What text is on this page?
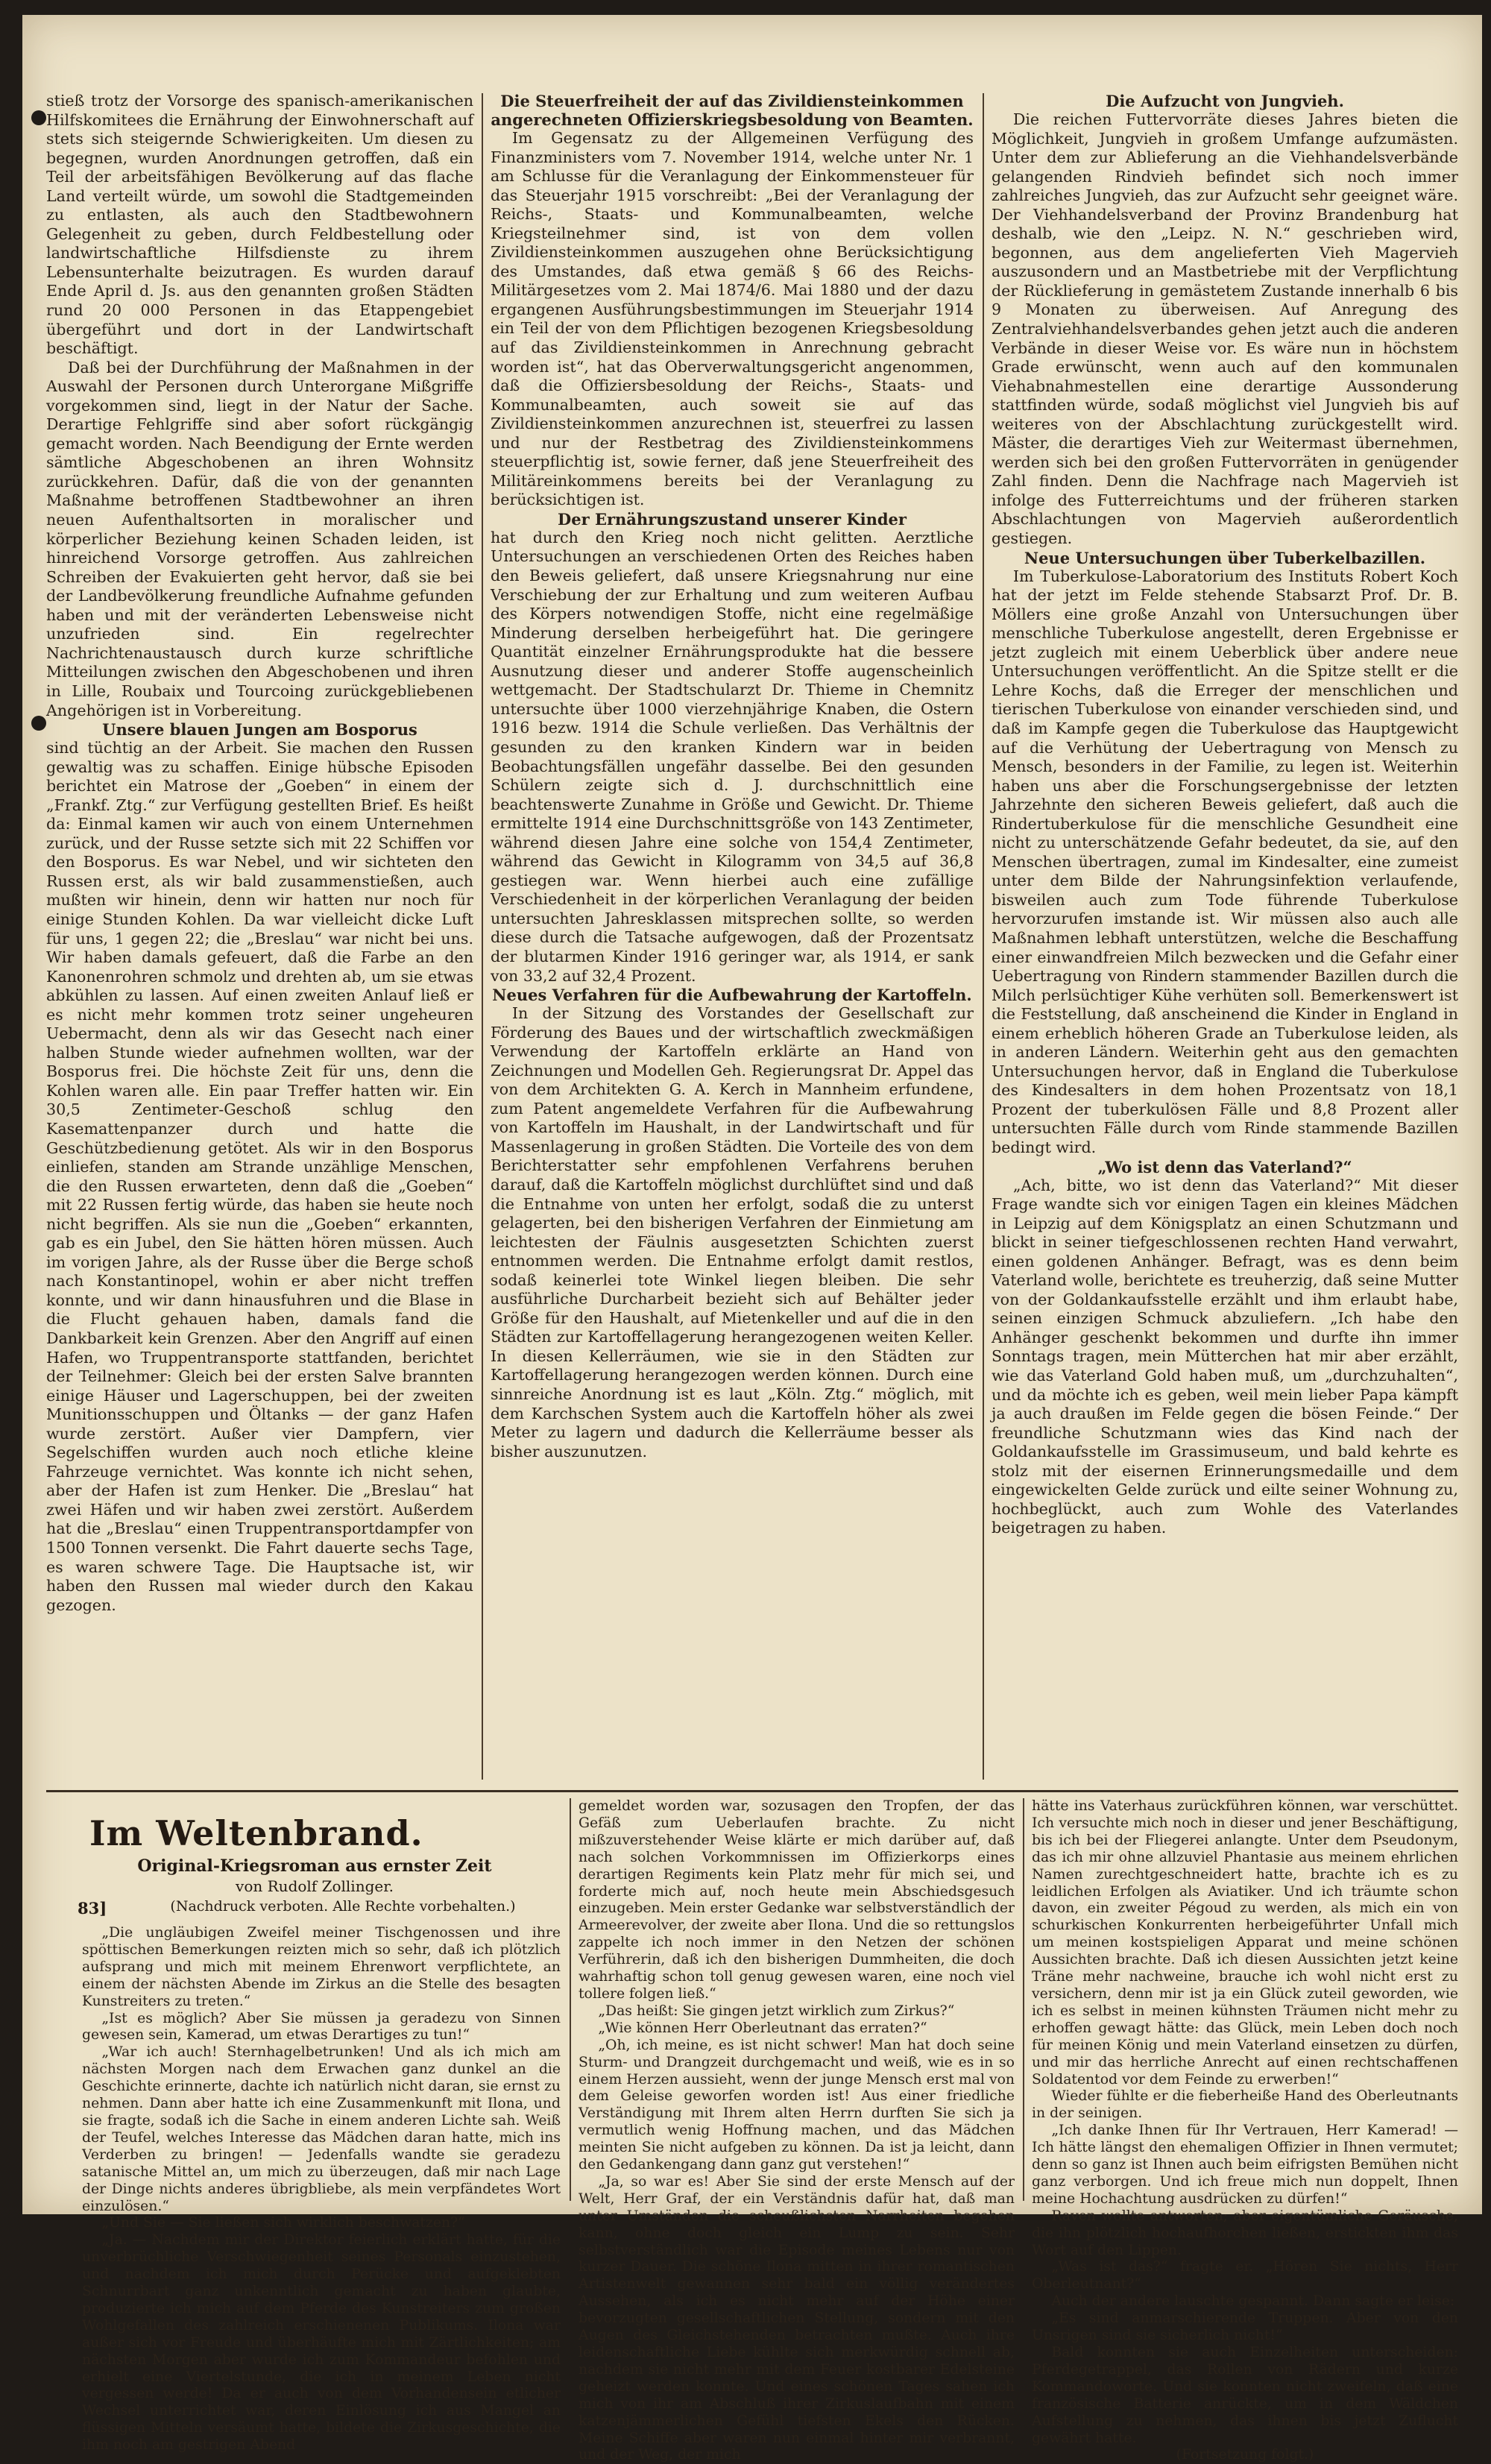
stieß trotz der Vorsorge des spanisch-amerikanischen Hilfskomitees die Ernährung der Einwohnerschaft auf stets sich steigernde Schwierigkeiten. Um diesen zu begegnen, wurden Anordnungen getroffen, daß ein Teil der arbeitsfähigen Bevölkerung auf das flache Land verteilt würde, um sowohl die Stadtgemeinden zu entlasten, als auch den Stadtbewohnern Gelegenheit zu geben, durch Feldbestellung oder landwirtschaftliche Hilfsdienste zu ihrem Lebensunterhalte beizutragen. Es wurden darauf Ende April d. Js. aus den genannten großen Städten rund 20 000 Personen in das Etappengebiet übergeführt und dort in der Landwirtschaft beschäftigt.

Daß bei der Durchführung der Maßnahmen in der Auswahl der Personen durch Unterorgane Mißgriffe vorgekommen sind, liegt in der Natur der Sache. Derartige Fehlgriffe sind aber sofort rückgängig gemacht worden. Nach Beendigung der Ernte werden sämtliche Abgeschobenen an ihren Wohnsitz zurückkehren. Dafür, daß die von der genannten Maßnahme betroffenen Stadtbewohner an ihren neuen Aufenthaltsorten in moralischer und körperlicher Beziehung keinen Schaden leiden, ist hinreichend Vorsorge getroffen. Aus zahlreichen Schreiben der Evakuierten geht hervor, daß sie bei der Landbevölkerung freundliche Aufnahme gefunden haben und mit der veränderten Lebensweise nicht unzufrieden sind. Ein regelrechter Nachrichtenaustausch durch kurze schriftliche Mitteilungen zwischen den Abgeschobenen und ihren in Lille, Roubaix und Tourcoing zurückgebliebenen Angehörigen ist in Vorbereitung.

Unsere blauen Jungen am Bosporus

sind tüchtig an der Arbeit. Sie machen den Russen gewaltig was zu schaffen. Einige hübsche Episoden berichtet ein Matrose der „Goeben“ in einem der „Frankf. Ztg.“ zur Verfügung gestellten Brief. Es heißt da: Einmal kamen wir auch von einem Unternehmen zurück, und der Russe setzte sich mit 22 Schiffen vor den Bosporus. Es war Nebel, und wir sichteten den Russen erst, als wir bald zusammenstießen, auch mußten wir hinein, denn wir hatten nur noch für einige Stunden Kohlen. Da war vielleicht dicke Luft für uns, 1 gegen 22; die „Breslau“ war nicht bei uns. Wir haben damals gefeuert, daß die Farbe an den Kanonenrohren schmolz und drehten ab, um sie etwas abkühlen zu lassen. Auf einen zweiten Anlauf ließ er es nicht mehr kommen trotz seiner ungeheuren Uebermacht, denn als wir das Gesecht nach einer halben Stunde wieder aufnehmen wollten, war der Bosporus frei. Die höchste Zeit für uns, denn die Kohlen waren alle. Ein paar Treffer hatten wir. Ein 30,5 Zentimeter-Geschoß schlug den Kasemattenpanzer durch und hatte die Geschützbedienung getötet. Als wir in den Bosporus einliefen, standen am Strande unzählige Menschen, die den Russen erwarteten, denn daß die „Goeben“ mit 22 Russen fertig würde, das haben sie heute noch nicht begriffen. Als sie nun die „Goeben“ erkannten, gab es ein Jubel, den Sie hätten hören müssen. Auch im vorigen Jahre, als der Russe über die Berge schoß nach Konstantinopel, wohin er aber nicht treffen konnte, und wir dann hinausfuhren und die Blase in die Flucht gehauen haben, damals fand die Dankbarkeit kein Grenzen. Aber den Angriff auf einen Hafen, wo Truppentransporte stattfanden, berichtet der Teilnehmer: Gleich bei der ersten Salve brannten einige Häuser und Lagerschuppen, bei der zweiten Munitionsschuppen und Öltanks — der ganz Hafen wurde zerstört. Außer vier Dampfern, vier Segelschiffen wurden auch noch etliche kleine Fahrzeuge vernichtet. Was konnte ich nicht sehen, aber der Hafen ist zum Henker. Die „Breslau“ hat zwei Häfen und wir haben zwei zerstört. Außerdem hat die „Breslau“ einen Truppentransportdampfer von 1500 Tonnen versenkt. Die Fahrt dauerte sechs Tage, es waren schwere Tage. Die Hauptsache ist, wir haben den Russen mal wieder durch den Kakau gezogen.

Die Steuerfreiheit der auf das Zivildiensteinkommen angerechneten Offizierskriegsbesoldung von Beamten.

Im Gegensatz zu der Allgemeinen Verfügung des Finanzministers vom 7. November 1914, welche unter Nr. 1 am Schlusse für die Veranlagung der Einkommensteuer für das Steuerjahr 1915 vorschreibt: „Bei der Veranlagung der Reichs-, Staats- und Kommunalbeamten, welche Kriegsteilnehmer sind, ist von dem vollen Zivildiensteinkommen auszugehen ohne Berücksichtigung des Umstandes, daß etwa gemäß § 66 des Reichs-Militärgesetzes vom 2. Mai 1874/6. Mai 1880 und der dazu ergangenen Ausführungsbestimmungen im Steuerjahr 1914 ein Teil der von dem Pflichtigen bezogenen Kriegsbesoldung auf das Zivildiensteinkommen in Anrechnung gebracht worden ist“, hat das Oberverwaltungsgericht angenommen, daß die Offiziersbesoldung der Reichs-, Staats- und Kommunalbeamten, auch soweit sie auf das Zivildiensteinkommen anzurechnen ist, steuerfrei zu lassen und nur der Restbetrag des Zivildiensteinkommens steuerpflichtig ist, sowie ferner, daß jene Steuerfreiheit des Militäreinkommens bereits bei der Veranlagung zu berücksichtigen ist.

Der Ernährungszustand unserer Kinder

hat durch den Krieg noch nicht gelitten. Aerztliche Untersuchungen an verschiedenen Orten des Reiches haben den Beweis geliefert, daß unsere Kriegsnahrung nur eine Verschiebung der zur Erhaltung und zum weiteren Aufbau des Körpers notwendigen Stoffe, nicht eine regelmäßige Minderung derselben herbeigeführt hat. Die geringere Quantität einzelner Ernährungsprodukte hat die bessere Ausnutzung dieser und anderer Stoffe augenscheinlich wettgemacht. Der Stadtschularzt Dr. Thieme in Chemnitz untersuchte über 1000 vierzehnjährige Knaben, die Ostern 1916 bezw. 1914 die Schule verließen. Das Verhältnis der gesunden zu den kranken Kindern war in beiden Beobachtungsfällen ungefähr dasselbe. Bei den gesunden Schülern zeigte sich d. J. durchschnittlich eine beachtenswerte Zunahme in Größe und Gewicht. Dr. Thieme ermittelte 1914 eine Durchschnittsgröße von 143 Zentimeter, während diesen Jahre eine solche von 154,4 Zentimeter, während das Gewicht in Kilogramm von 34,5 auf 36,8 gestiegen war. Wenn hierbei auch eine zufällige Verschiedenheit in der körperlichen Veranlagung der beiden untersuchten Jahresklassen mitsprechen sollte, so werden diese durch die Tatsache aufgewogen, daß der Prozentsatz der blutarmen Kinder 1916 geringer war, als 1914, er sank von 33,2 auf 32,4 Prozent.

Neues Verfahren für die Aufbewahrung der Kartoffeln.

In der Sitzung des Vorstandes der Gesellschaft zur Förderung des Baues und der wirtschaftlich zweckmäßigen Verwendung der Kartoffeln erklärte an Hand von Zeichnungen und Modellen Geh. Regierungsrat Dr. Appel das von dem Architekten G. A. Kerch in Mannheim erfundene, zum Patent angemeldete Verfahren für die Aufbewahrung von Kartoffeln im Haushalt, in der Landwirtschaft und für Massenlagerung in großen Städten. Die Vorteile des von dem Berichterstatter sehr empfohlenen Verfahrens beruhen darauf, daß die Kartoffeln möglichst durchlüftet sind und daß die Entnahme von unten her erfolgt, sodaß die zu unterst gelagerten, bei den bisherigen Verfahren der Einmietung am leichtesten der Fäulnis ausgesetzten Schichten zuerst entnommen werden. Die Entnahme erfolgt damit restlos, sodaß keinerlei tote Winkel liegen bleiben. Die sehr ausführliche Durcharbeit bezieht sich auf Behälter jeder Größe für den Haushalt, auf Mietenkeller und auf die in den Städten zur Kartoffellagerung herangezogenen weiten Keller. In diesen Kellerräumen, wie sie in den Städten zur Kartoffellagerung herangezogen werden können. Durch eine sinnreiche Anordnung ist es laut „Köln. Ztg.“ möglich, mit dem Karchschen System auch die Kartoffeln höher als zwei Meter zu lagern und dadurch die Kellerräume besser als bisher auszunutzen.

Die Aufzucht von Jungvieh.

Die reichen Futtervorräte dieses Jahres bieten die Möglichkeit, Jungvieh in großem Umfange aufzumästen. Unter dem zur Ablieferung an die Viehhandelsverbände gelangenden Rindvieh befindet sich noch immer zahlreiches Jungvieh, das zur Aufzucht sehr geeignet wäre. Der Viehhandelsverband der Provinz Brandenburg hat deshalb, wie den „Leipz. N. N.“ geschrieben wird, begonnen, aus dem angelieferten Vieh Magervieh auszusondern und an Mastbetriebe mit der Verpflichtung der Rücklieferung in gemästetem Zustande innerhalb 6 bis 9 Monaten zu überweisen. Auf Anregung des Zentralviehhandelsverbandes gehen jetzt auch die anderen Verbände in dieser Weise vor. Es wäre nun in höchstem Grade erwünscht, wenn auch auf den kommunalen Viehabnahmestellen eine derartige Aussonderung stattfinden würde, sodaß möglichst viel Jungvieh bis auf weiteres von der Abschlachtung zurückgestellt wird. Mäster, die derartiges Vieh zur Weitermast übernehmen, werden sich bei den großen Futtervorräten in genügender Zahl finden. Denn die Nachfrage nach Magervieh ist infolge des Futterreichtums und der früheren starken Abschlachtungen von Magervieh außerordentlich gestiegen.

Neue Untersuchungen über Tuberkelbazillen.

Im Tuberkulose-Laboratorium des Instituts Robert Koch hat der jetzt im Felde stehende Stabsarzt Prof. Dr. B. Möllers eine große Anzahl von Untersuchungen über menschliche Tuberkulose angestellt, deren Ergebnisse er jetzt zugleich mit einem Ueberblick über andere neue Untersuchungen veröffentlicht. An die Spitze stellt er die Lehre Kochs, daß die Erreger der menschlichen und tierischen Tuberkulose von einander verschieden sind, und daß im Kampfe gegen die Tuberkulose das Hauptgewicht auf die Verhütung der Uebertragung von Mensch zu Mensch, besonders in der Familie, zu legen ist. Weiterhin haben uns aber die Forschungsergebnisse der letzten Jahrzehnte den sicheren Beweis geliefert, daß auch die Rindertuberkulose für die menschliche Gesundheit eine nicht zu unterschätzende Gefahr bedeutet, da sie, auf den Menschen übertragen, zumal im Kindesalter, eine zumeist unter dem Bilde der Nahrungsinfektion verlaufende, bisweilen auch zum Tode führende Tuberkulose hervorzurufen imstande ist. Wir müssen also auch alle Maßnahmen lebhaft unterstützen, welche die Beschaffung einer einwandfreien Milch bezwecken und die Gefahr einer Uebertragung von Rindern stammender Bazillen durch die Milch perlsüchtiger Kühe verhüten soll. Bemerkenswert ist die Feststellung, daß anscheinend die Kinder in England in einem erheblich höheren Grade an Tuberkulose leiden, als in anderen Ländern. Weiterhin geht aus den gemachten Untersuchungen hervor, daß in England die Tuberkulose des Kindesalters in dem hohen Prozentsatz von 18,1 Prozent der tuberkulösen Fälle und 8,8 Prozent aller untersuchten Fälle durch vom Rinde stammende Bazillen bedingt wird.

„Wo ist denn das Vaterland?“

„Ach, bitte, wo ist denn das Vaterland?“ Mit dieser Frage wandte sich vor einigen Tagen ein kleines Mädchen in Leipzig auf dem Königsplatz an einen Schutzmann und blickt in seiner tiefgeschlossenen rechten Hand verwahrt, einen goldenen Anhänger. Befragt, was es denn beim Vaterland wolle, berichtete es treuherzig, daß seine Mutter von der Goldankaufsstelle erzählt und ihm erlaubt habe, seinen einzigen Schmuck abzuliefern. „Ich habe den Anhänger geschenkt bekommen und durfte ihn immer Sonntags tragen, mein Mütterchen hat mir aber erzählt, wie das Vaterland Gold haben muß, um „durchzuhalten“, und da möchte ich es geben, weil mein lieber Papa kämpft ja auch draußen im Felde gegen die bösen Feinde.“ Der freundliche Schutzmann wies das Kind nach der Goldankaufsstelle im Grassimuseum, und bald kehrte es stolz mit der eisernen Erinnerungsmedaille und dem eingewickelten Gelde zurück und eilte seiner Wohnung zu, hochbeglückt, auch zum Wohle des Vaterlandes beigetragen zu haben.

Im Weltenbrand.
Original-Kriegsroman aus ernster Zeit
von Rudolf Zollinger.
83]	(Nachdruck verboten. Alle Rechte vorbehalten.)

„Die ungläubigen Zweifel meiner Tischgenossen und ihre spöttischen Bemerkungen reizten mich so sehr, daß ich plötzlich aufsprang und mich mit meinem Ehrenwort verpflichtete, an einem der nächsten Abende im Zirkus an die Stelle des besagten Kunstreiters zu treten.“

„Ist es möglich? Aber Sie müssen ja geradezu von Sinnen gewesen sein, Kamerad, um etwas Derartiges zu tun!“

„War ich auch! Sternhagelbetrunken! Und als ich mich am nächsten Morgen nach dem Erwachen ganz dunkel an die Geschichte erinnerte, dachte ich natürlich nicht daran, sie ernst zu nehmen. Dann aber hatte ich eine Zusammenkunft mit Ilona, und sie fragte, sodaß ich die Sache in einem anderen Lichte sah. Weiß der Teufel, welches Interesse das Mädchen daran hatte, mich ins Verderben zu bringen! — Jedenfalls wandte sie geradezu satanische Mittel an, um mich zu überzeugen, daß mir nach Lage der Dinge nichts anderes übrigbliebe, als mein verpfändetes Wort einzulösen.“

„Und Sie — Sie ließen sich wirklich beschwatzen?“

„Ja. — Nachdem mir der Direktor feierlich erklärt hatte, für die unverbrüchliche Verschwiegenheit seines Personals einzustehen, und nachdem ich mich durch Perücke und aufgeklebten Schnurrbart ganz unkenntlich gemacht zu haben glaubte, produzierte ich mich auf dem Pferde des Kunstreiters zum großen Wohlgefallen des zahlreich erschienenen Publikums. Ilona war außer sich vor Freude und überhäufte mich mit Zärtlichkeiten; am nächsten Morgen aber wurde ich zum Kommandeur befohlen und erhielt eine Viertelstunde, die ich in meinem Leben nicht vergessen werde! Da er auch von dem Vorhandensein etlicher Wechsel unterrichtet war, deren Einlösung ich aus Mangel an flüssigen Mitteln versäumt hatte, bildete die Zirkusgeschichte, die ihm noch am gestrigen Abend

gemeldet worden war, sozusagen den Tropfen, der das Gefäß zum Ueberlaufen brachte. Zu nicht mißzuverstehender Weise klärte er mich darüber auf, daß nach solchen Vorkommnissen im Offizierkorps eines derartigen Regiments kein Platz mehr für mich sei, und forderte mich auf, noch heute mein Abschiedsgesuch einzugeben. Mein erster Gedanke war selbstverständlich der Armeerevolver, der zweite aber Ilona. Und die so rettungslos zappelte ich noch immer in den Netzen der schönen Verführerin, daß ich den bisherigen Dummheiten, die doch wahrhaftig schon toll genug gewesen waren, eine noch viel tollere folgen ließ.“

„Das heißt: Sie gingen jetzt wirklich zum Zirkus?“

„Wie können Herr Oberleutnant das erraten?“

„Oh, ich meine, es ist nicht schwer! Man hat doch seine Sturm- und Drangzeit durchgemacht und weiß, wie es in so einem Herzen aussieht, wenn der junge Mensch erst mal von dem Geleise geworfen worden ist! Aus einer friedliche Verständigung mit Ihrem alten Herrn durften Sie sich ja vermutlich wenig Hoffnung machen, und das Mädchen meinten Sie nicht aufgeben zu können. Da ist ja leicht, dann den Gedankengang dann ganz gut verstehen!“

„Ja, so war es! Aber Sie sind der erste Mensch auf der Welt, Herr Graf, der ein Verständnis dafür hat, daß man unter Umständen die scheußlichsten Narrheiten begehen kann, ohne doch gleich ein Lump zu sein. Sehr selbstverständlich war die Episode meines Lebens nur von kurzer Dauer. Die schöne Ilona mitten in ihrer romantischen Artistenwelt gewannen sehr bald ein völlig verändertes Aussehen, als ich es nicht mehr auf der Höhe einer bevorzugten gesellschaftlichen Stellung, sondern mit den Augen des Gleichstehenden betrachten mußte. Auch ihre leidenschaftliche Liebe kühlte sich merkwürdig schnell ab, nachdem sie nicht mehr mit dem Feuer kostbarer Edelsteine geheizt werden konnte. Und eines schönen Tages sahen ich mich von ihr am Abschluß ihrer Zirkuslaufbahn mit einem katzenjämmerlichen Gefühl tiefsten Ekels den Rücken. Meine Schiffe aber waren nun einmal hinter mir verbrannt, und der Weg, der mich

hätte ins Vaterhaus zurückführen können, war verschüttet. Ich versuchte mich noch in dieser und jener Beschäftigung, bis ich bei der Fliegerei anlangte. Unter dem Pseudonym, das ich mir ohne allzuviel Phantasie aus meinem ehrlichen Namen zurechtgeschneidert hatte, brachte ich es zu leidlichen Erfolgen als Aviatiker. Und ich träumte schon davon, ein zweiter Pégoud zu werden, als mich ein von schurkischen Konkurrenten herbeigeführter Unfall mich um meinen kostspieligen Apparat und meine schönen Aussichten brachte. Daß ich diesen Aussichten jetzt keine Träne mehr nachweine, brauche ich wohl nicht erst zu versichern, denn mir ist ja ein Glück zuteil geworden, wie ich es selbst in meinen kühnsten Träumen nicht mehr zu erhoffen gewagt hätte: das Glück, mein Leben doch noch für meinen König und mein Vaterland einsetzen zu dürfen, und mir das herrliche Anrecht auf einen rechtschaffenen Soldatentod vor dem Feinde zu erwerben!“

Wieder fühlte er die fieberheiße Hand des Oberleutnants in der seinigen.

„Ich danke Ihnen für Ihr Vertrauen, Herr Kamerad! — Ich hätte längst den ehemaligen Offizier in Ihnen vermutet; denn so ganz ist Ihnen auch beim eifrigsten Bemühen nicht ganz verborgen. Und ich freue mich nun doppelt, Ihnen meine Hochachtung ausdrücken zu dürfen!“

Raven wollte antworten; aber eigentümliche Geräusche, die ihn plötzlich hochaufhorchen ließen, erstickten ihm das Wort auf den Lippen.

„Was ist das?“ fragte er. „Hören Sie nichts, Herr Oberleutnant?“

Auch der andere lauschte gespannt. Dann sagte er leise:

„Es sind anmarschierende Truppen. Aber von den Unsrigen sind sie sicherlich nicht!“

Bald konnten sie auch Einzelheiten unterscheiden: Pferdegetrappel, das Rollen von Rädern und kurze Kommandoworte. Und sie konnten nicht zweifeln, daß eine französische Batterie anrückte, um in dem Wäldchen Aufstellung zu nehmen, das ihnen bis jetzt Zuflucht gewährt hatte.

(Fortsetzung folgt.)
